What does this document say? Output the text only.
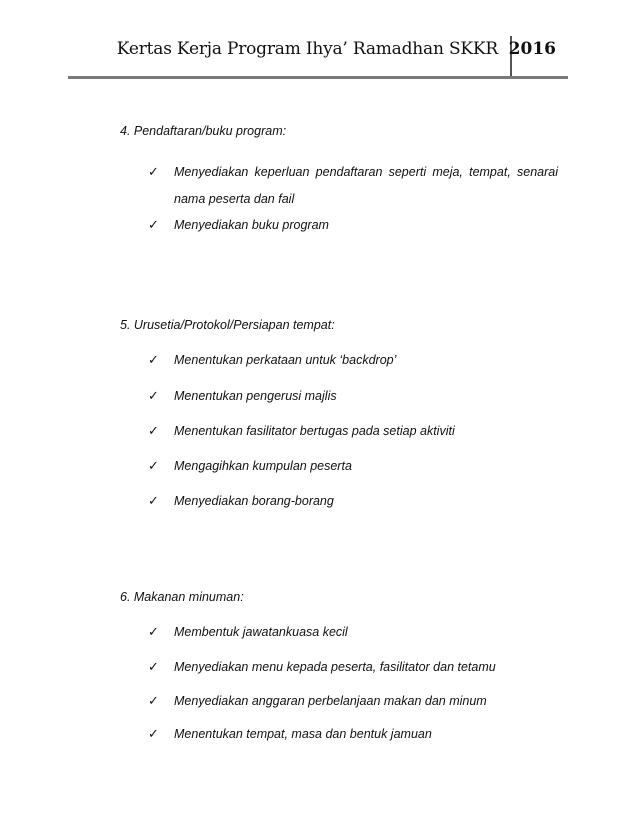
Kertas Kerja Program Ihya’ Ramadhan SKKR 2016
4. Pendaftaran/buku program:
✓ Menyediakan keperluan pendaftaran seperti meja, tempat, senarai nama peserta dan fail
✓ Menyediakan buku program
5. Urusetia/Protokol/Persiapan tempat:
✓ Menentukan perkataan untuk ‘backdrop’
✓ Menentukan pengerusi majlis
✓ Menentukan fasilitator bertugas pada setiap aktiviti
✓ Mengagihkan kumpulan peserta
✓ Menyediakan borang-borang
6. Makanan minuman:
✓ Membentuk jawatankuasa kecil
✓ Menyediakan menu kepada peserta, fasilitator dan tetamu
✓ Menyediakan anggaran perbelanjaan makan dan minum
✓ Menentukan tempat, masa dan bentuk jamuan
